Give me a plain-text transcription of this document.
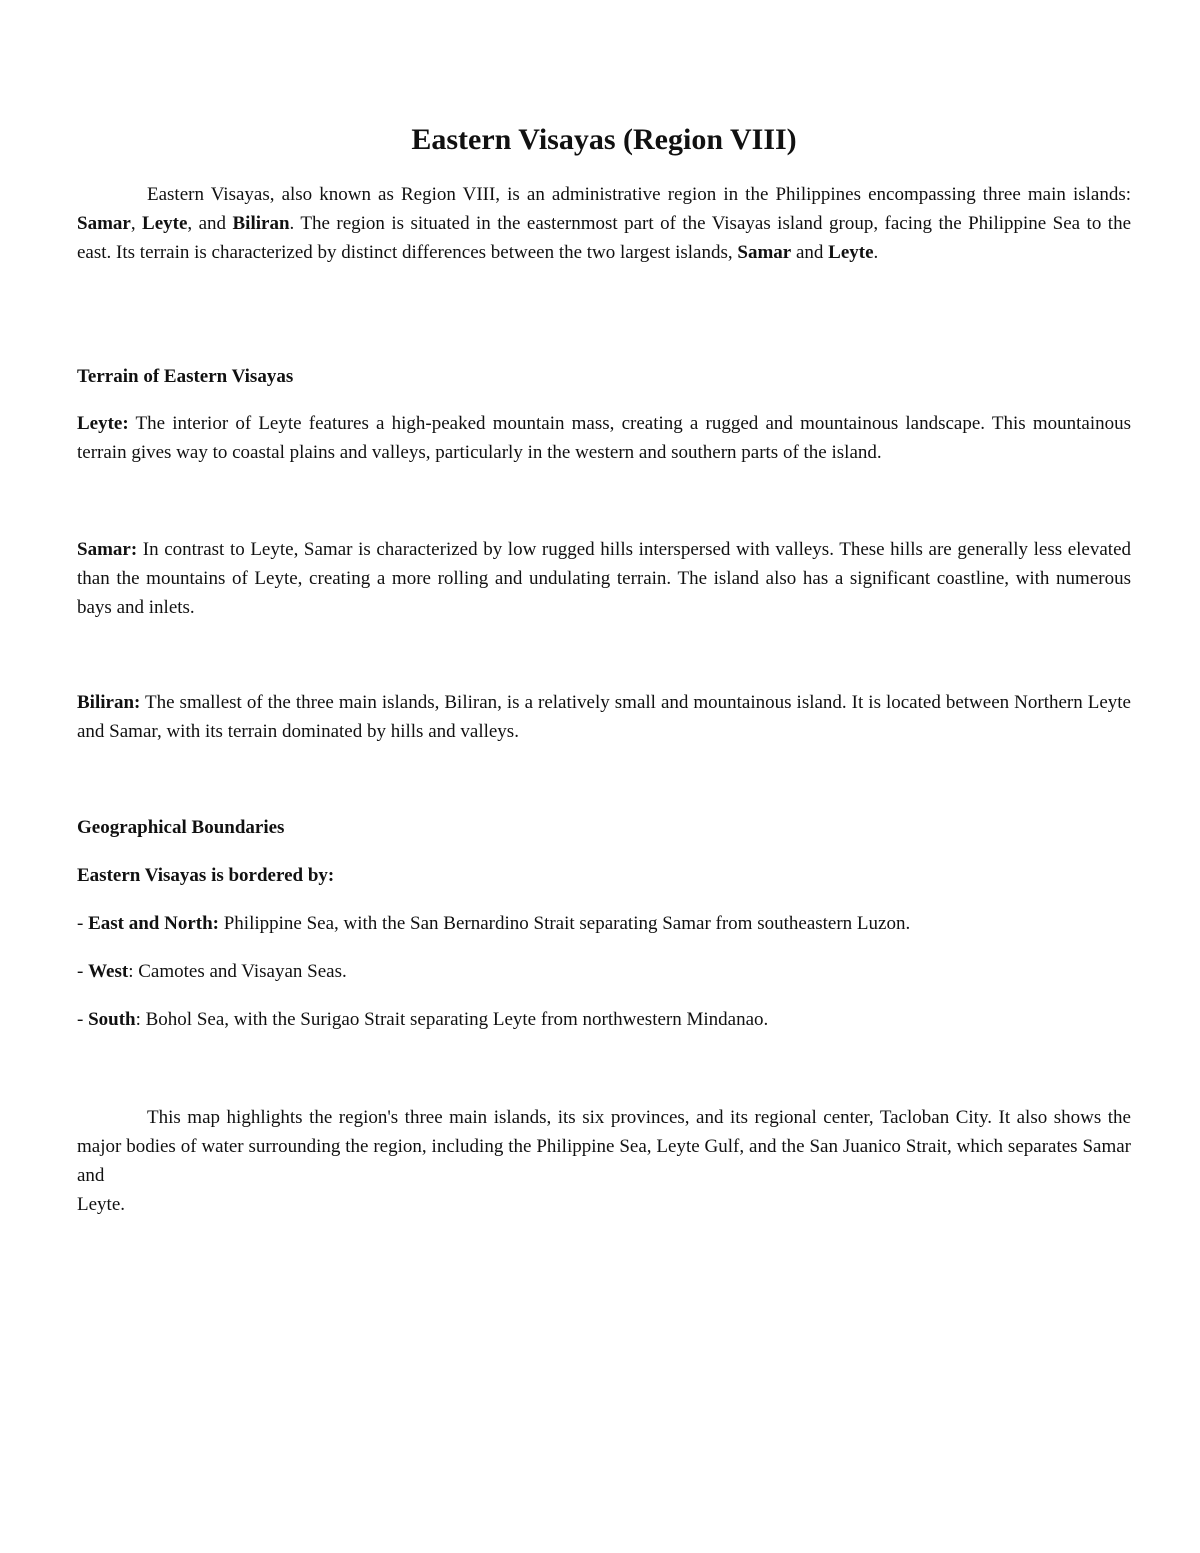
Eastern Visayas (Region VIII)

Eastern Visayas, also known as Region VIII, is an administrative region in the Philippines encompassing three main islands: Samar, Leyte, and Biliran. The region is situated in the easternmost part of the Visayas island group, facing the Philippine Sea to the east. Its terrain is characterized by distinct differences between the two largest islands, Samar and Leyte.

Terrain of Eastern Visayas

Leyte: The interior of Leyte features a high-peaked mountain mass, creating a rugged and mountainous landscape. This mountainous terrain gives way to coastal plains and valleys, particularly in the western and southern parts of the island.

Samar: In contrast to Leyte, Samar is characterized by low rugged hills interspersed with valleys. These hills are generally less elevated than the mountains of Leyte, creating a more rolling and undulating terrain. The island also has a significant coastline, with numerous bays and inlets.

Biliran: The smallest of the three main islands, Biliran, is a relatively small and mountainous island. It is located between Northern Leyte and Samar, with its terrain dominated by hills and valleys.

Geographical Boundaries

Eastern Visayas is bordered by:

- East and North: Philippine Sea, with the San Bernardino Strait separating Samar from southeastern Luzon.

- West: Camotes and Visayan Seas.

- South: Bohol Sea, with the Surigao Strait separating Leyte from northwestern Mindanao.

This map highlights the region's three main islands, its six provinces, and its regional center, Tacloban City. It also shows the major bodies of water surrounding the region, including the Philippine Sea, Leyte Gulf, and the San Juanico Strait, which separates Samar and

Leyte.
